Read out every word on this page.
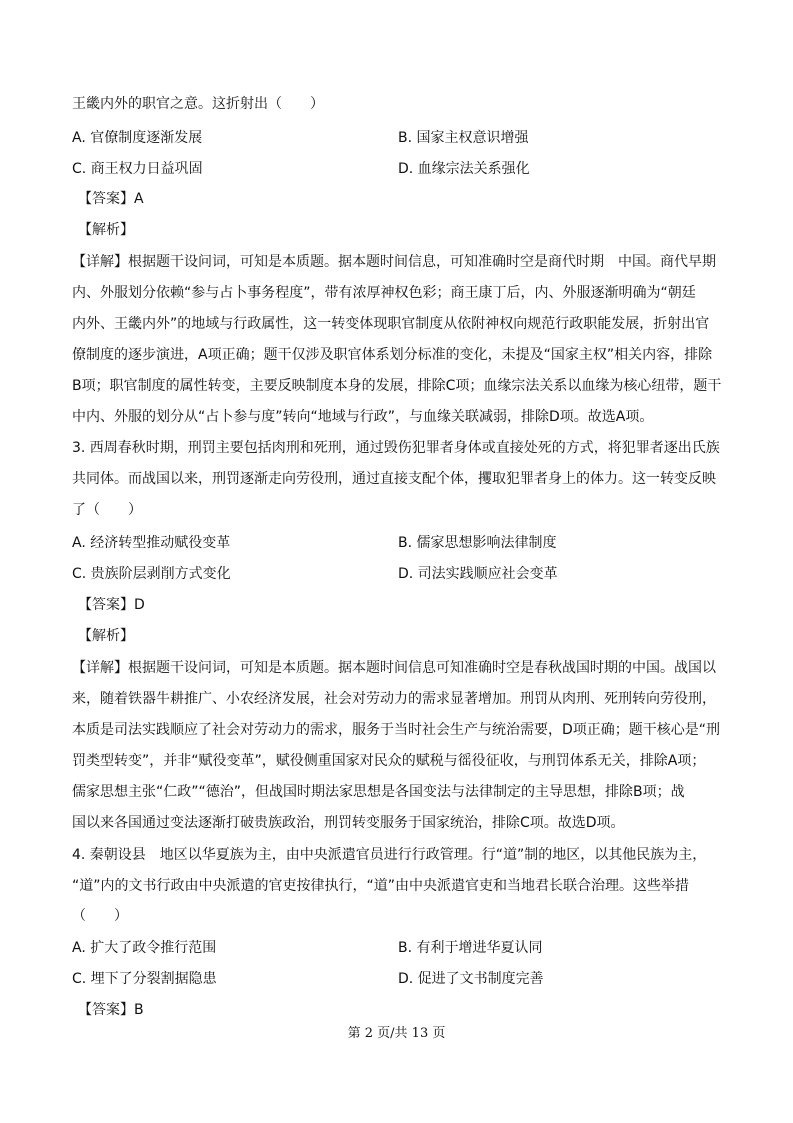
王畿内外的职官之意。这折射出（　　）
A. 官僚制度逐渐发展	B. 国家主权意识增强
C. 商王权力日益巩固	D. 血缘宗法关系强化
【答案】A
【解析】
【详解】根据题干设问词，可知是本质题。据本题时间信息，可知准确时空是商代时期　中国。商代早期
内、外服划分依赖“参与占卜事务程度”，带有浓厚神权色彩；商王康丁后，内、外服逐渐明确为“朝廷
内外、王畿内外”的地域与行政属性，这一转变体现职官制度从依附神权向规范行政职能发展，折射出官
僚制度的逐步演进，A项正确；题干仅涉及职官体系划分标准的变化，未提及“国家主权”相关内容，排除
B项；职官制度的属性转变，主要反映制度本身的发展，排除C项；血缘宗法关系以血缘为核心纽带，题干
中内、外服的划分从“占卜参与度”转向“地域与行政”，与血缘关联减弱，排除D项。故选A项。
3. 西周春秋时期，刑罚主要包括肉刑和死刑，通过毁伤犯罪者身体或直接处死的方式，将犯罪者逐出氏族
共同体。而战国以来，刑罚逐渐走向劳役刑，通过直接支配个体，攫取犯罪者身上的体力。这一转变反映
了（　　）
A. 经济转型推动赋役变革	B. 儒家思想影响法律制度
C. 贵族阶层剥削方式变化	D. 司法实践顺应社会变革
【答案】D
【解析】
【详解】根据题干设问词，可知是本质题。据本题时间信息可知准确时空是春秋战国时期的中国。战国以
来，随着铁器牛耕推广、小农经济发展，社会对劳动力的需求显著增加。刑罚从肉刑、死刑转向劳役刑，
本质是司法实践顺应了社会对劳动力的需求，服务于当时社会生产与统治需要，D项正确；题干核心是“刑
罚类型转变”，并非“赋役变革”，赋役侧重国家对民众的赋税与徭役征收，与刑罚体系无关，排除A项；
儒家思想主张“仁政”“德治”，但战国时期法家思想是各国变法与法律制定的主导思想，排除B项；战
国以来各国通过变法逐渐打破贵族政治，刑罚转变服务于国家统治，排除C项。故选D项。
4. 秦朝设县　地区以华夏族为主，由中央派遣官员进行行政管理。行“道”制的地区，以其他民族为主，
“道”内的文书行政由中央派遣的官吏按律执行，“道”由中央派遣官吏和当地君长联合治理。这些举措
（　　）
A. 扩大了政令推行范围	B. 有利于增进华夏认同
C. 埋下了分裂割据隐患	D. 促进了文书制度完善
【答案】B
第 2 页/共 13 页
